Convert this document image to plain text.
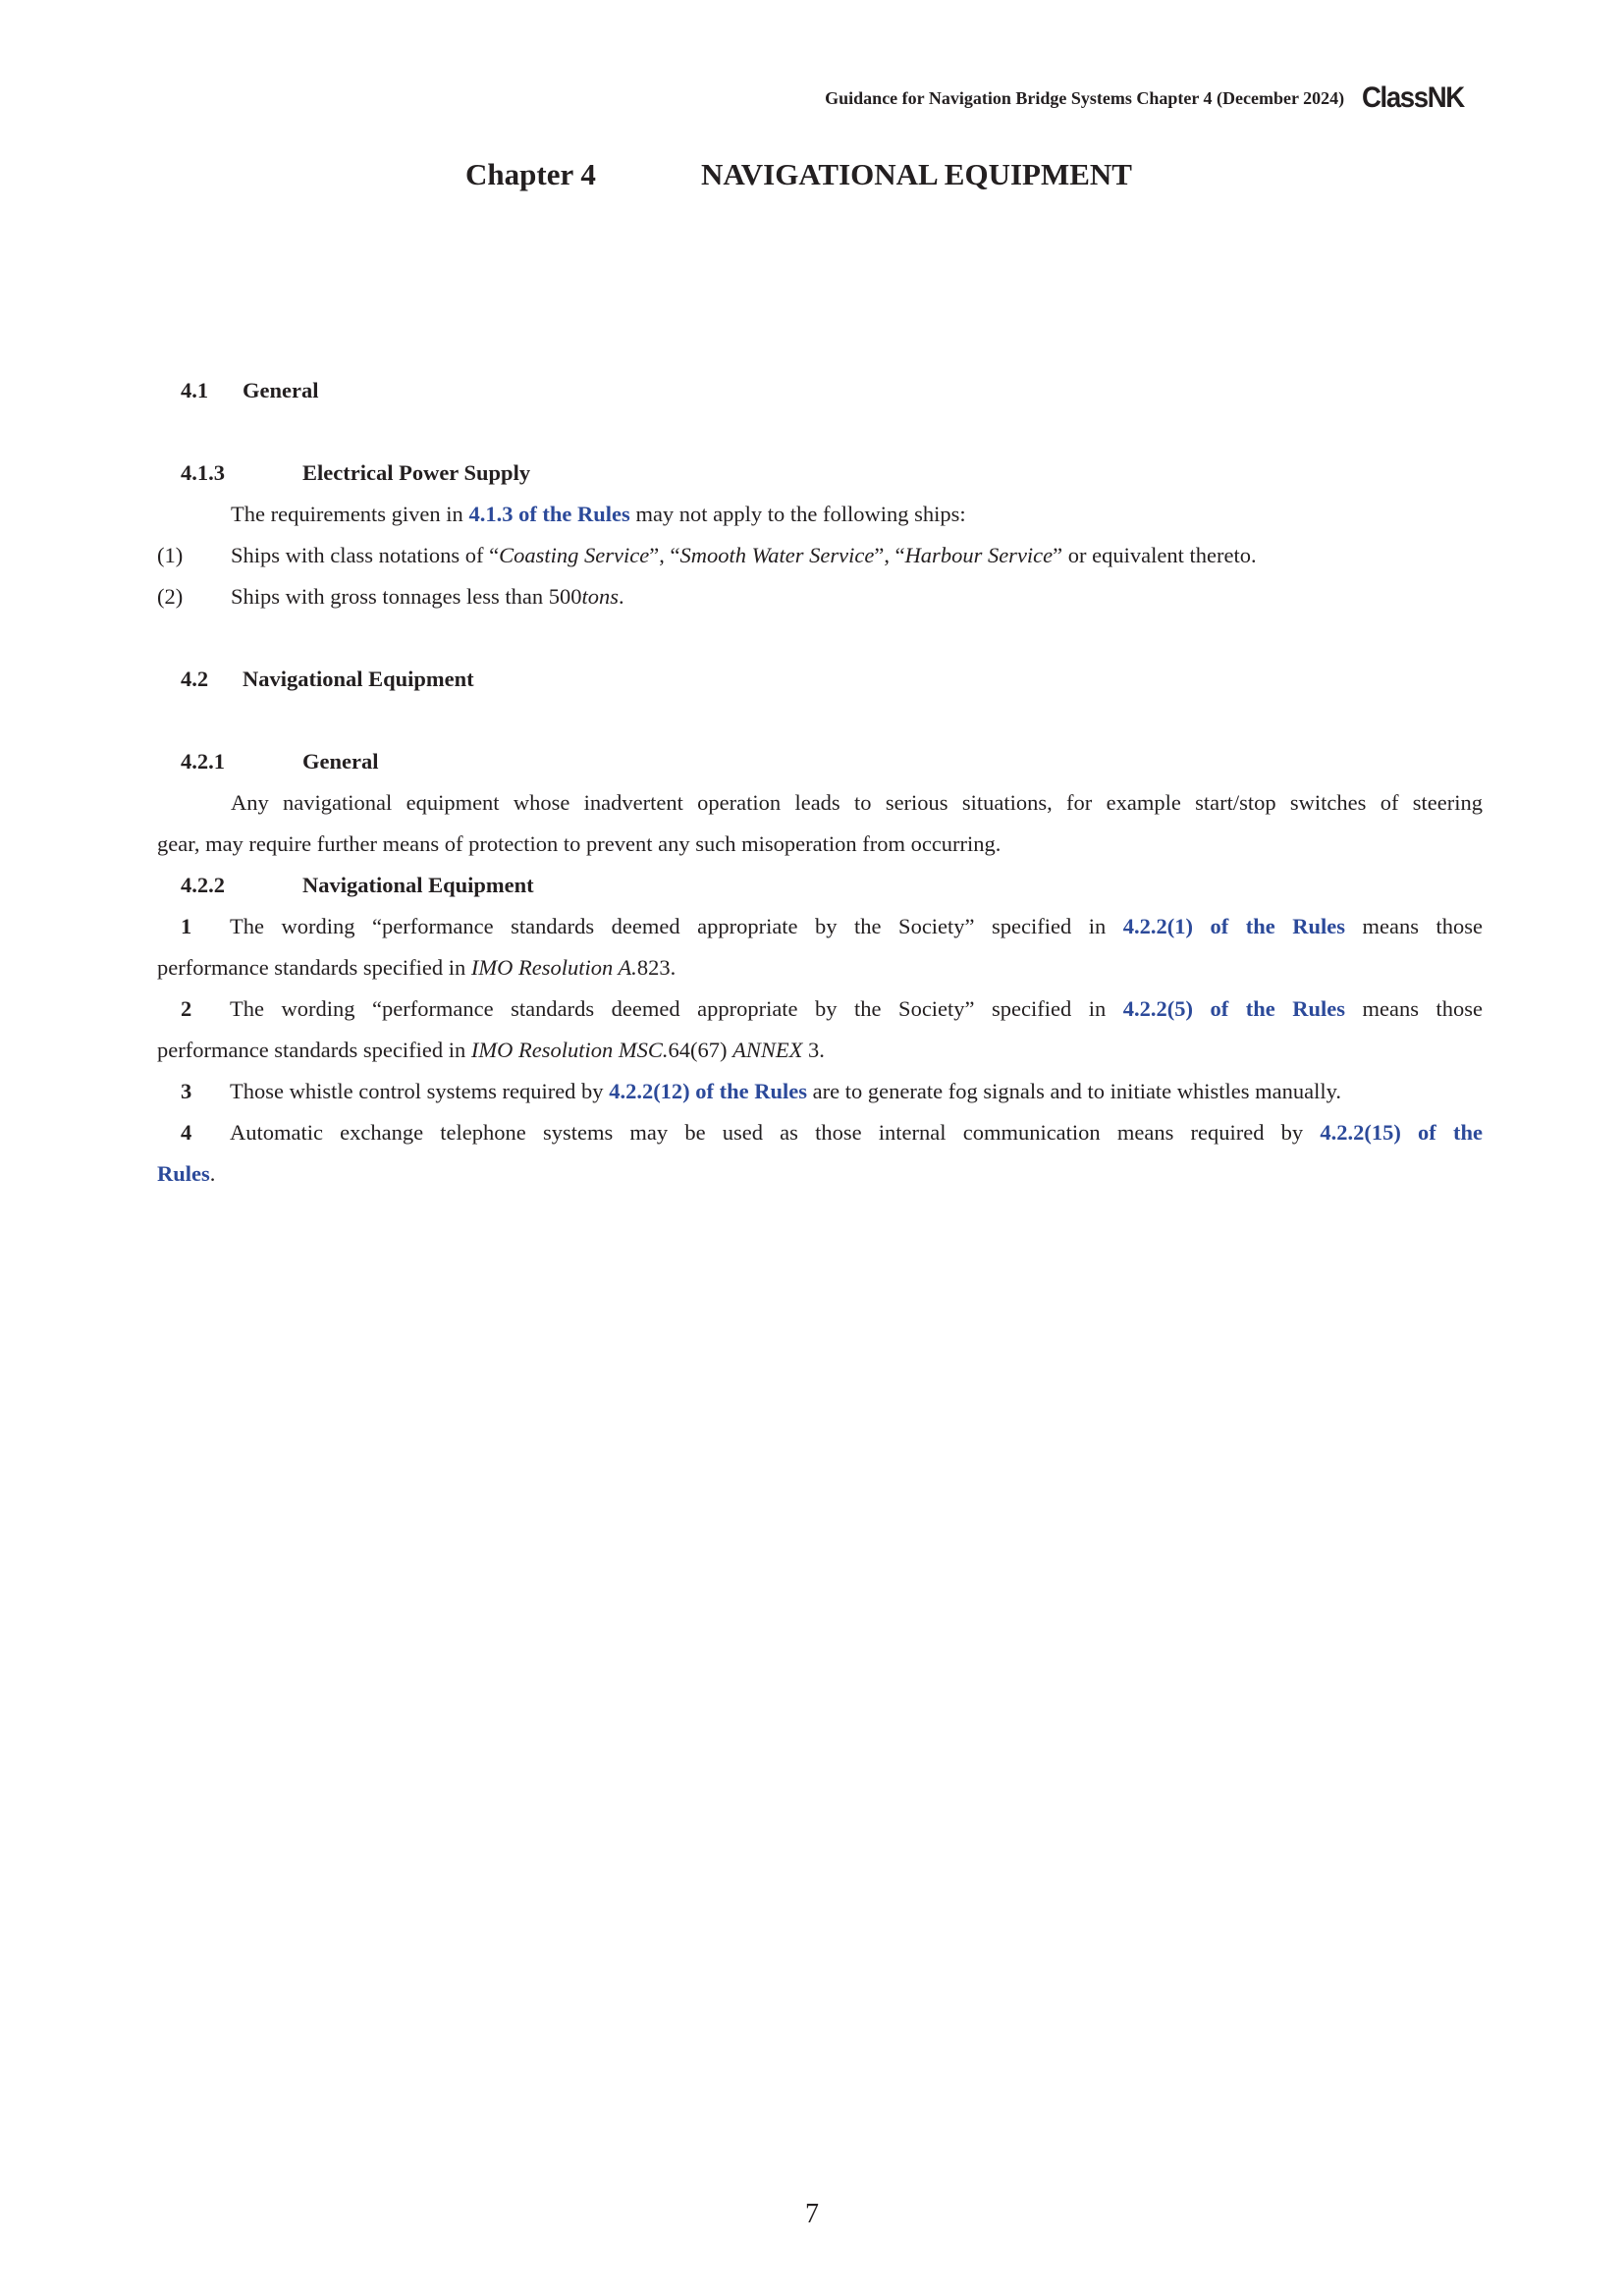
Guidance for Navigation Bridge Systems Chapter 4 (December 2024) ClassNK
Chapter 4	NAVIGATIONAL EQUIPMENT
4.1 General
4.1.3	Electrical Power Supply
The requirements given in 4.1.3 of the Rules may not apply to the following ships:
(1) Ships with class notations of “Coasting Service”, “Smooth Water Service”, “Harbour Service” or equivalent thereto.
(2) Ships with gross tonnages less than 500tons.
4.2 Navigational Equipment
4.2.1	General
Any navigational equipment whose inadvertent operation leads to serious situations, for example start/stop switches of steering
gear, may require further means of protection to prevent any such misoperation from occurring.
4.2.2	Navigational Equipment
1 The wording “performance standards deemed appropriate by the Society” specified in 4.2.2(1) of the Rules means those
performance standards specified in IMO Resolution A.823.
2 The wording “performance standards deemed appropriate by the Society” specified in 4.2.2(5) of the Rules means those
performance standards specified in IMO Resolution MSC.64(67) ANNEX 3.
3 Those whistle control systems required by 4.2.2(12) of the Rules are to generate fog signals and to initiate whistles manually.
4 Automatic exchange telephone systems may be used as those internal communication means required by 4.2.2(15) of the
Rules.
7
